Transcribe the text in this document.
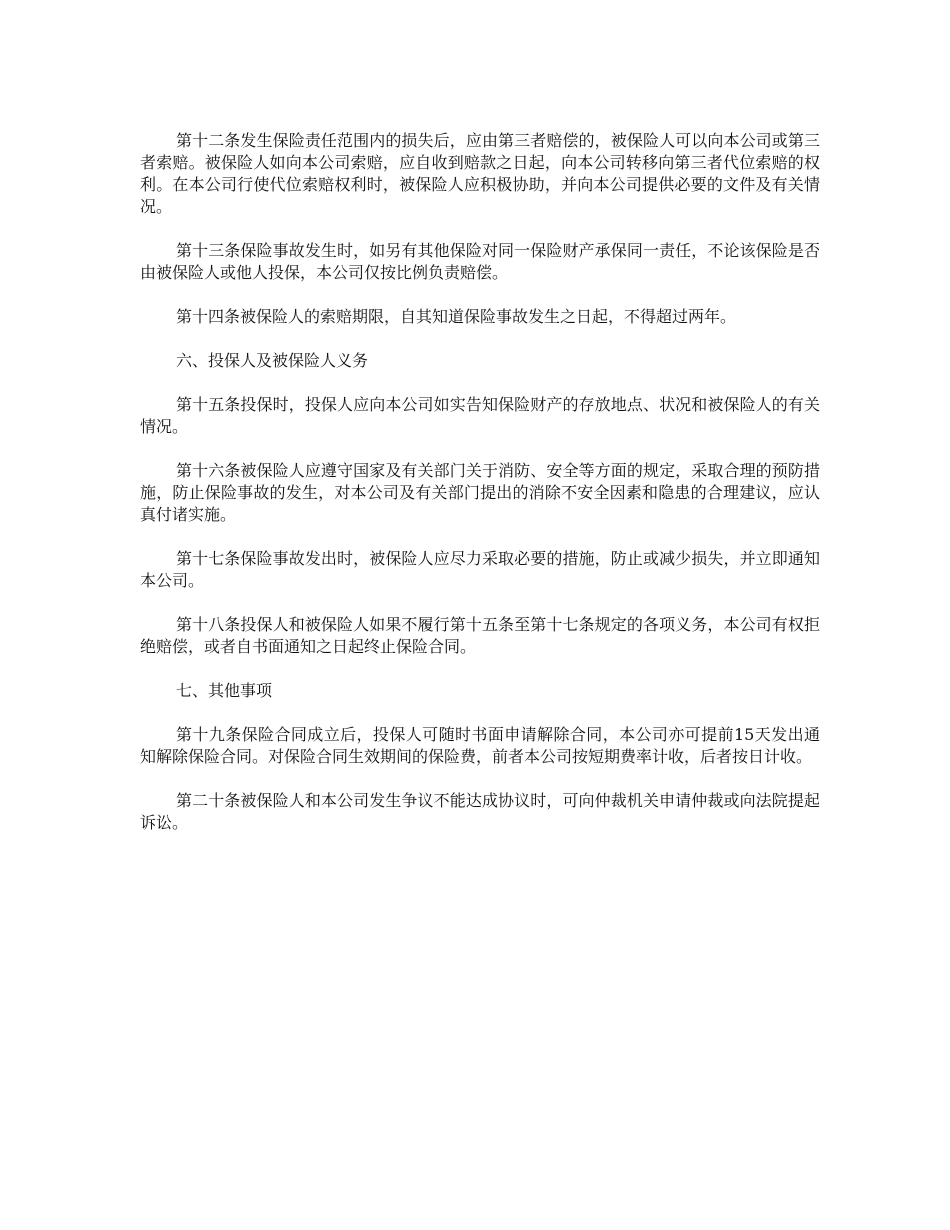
第十二条发生保险责任范围内的损失后，应由第三者赔偿的，被保险人可以向本公司或第三者索赔。被保险人如向本公司索赔，应自收到赔款之日起，向本公司转移向第三者代位索赔的权利。在本公司行使代位索赔权利时，被保险人应积极协助，并向本公司提供必要的文件及有关情况。

第十三条保险事故发生时，如另有其他保险对同一保险财产承保同一责任，不论该保险是否由被保险人或他人投保，本公司仅按比例负责赔偿。

第十四条被保险人的索赔期限，自其知道保险事故发生之日起，不得超过两年。

六、投保人及被保险人义务

第十五条投保时，投保人应向本公司如实告知保险财产的存放地点、状况和被保险人的有关情况。

第十六条被保险人应遵守国家及有关部门关于消防、安全等方面的规定，采取合理的预防措施，防止保险事故的发生，对本公司及有关部门提出的消除不安全因素和隐患的合理建议，应认真付诸实施。

第十七条保险事故发出时，被保险人应尽力采取必要的措施，防止或减少损失，并立即通知本公司。

第十八条投保人和被保险人如果不履行第十五条至第十七条规定的各项义务，本公司有权拒绝赔偿，或者自书面通知之日起终止保险合同。

七、其他事项

第十九条保险合同成立后，投保人可随时书面申请解除合同，本公司亦可提前15天发出通知解除保险合同。对保险合同生效期间的保险费，前者本公司按短期费率计收，后者按日计收。

第二十条被保险人和本公司发生争议不能达成协议时，可向仲裁机关申请仲裁或向法院提起诉讼。
